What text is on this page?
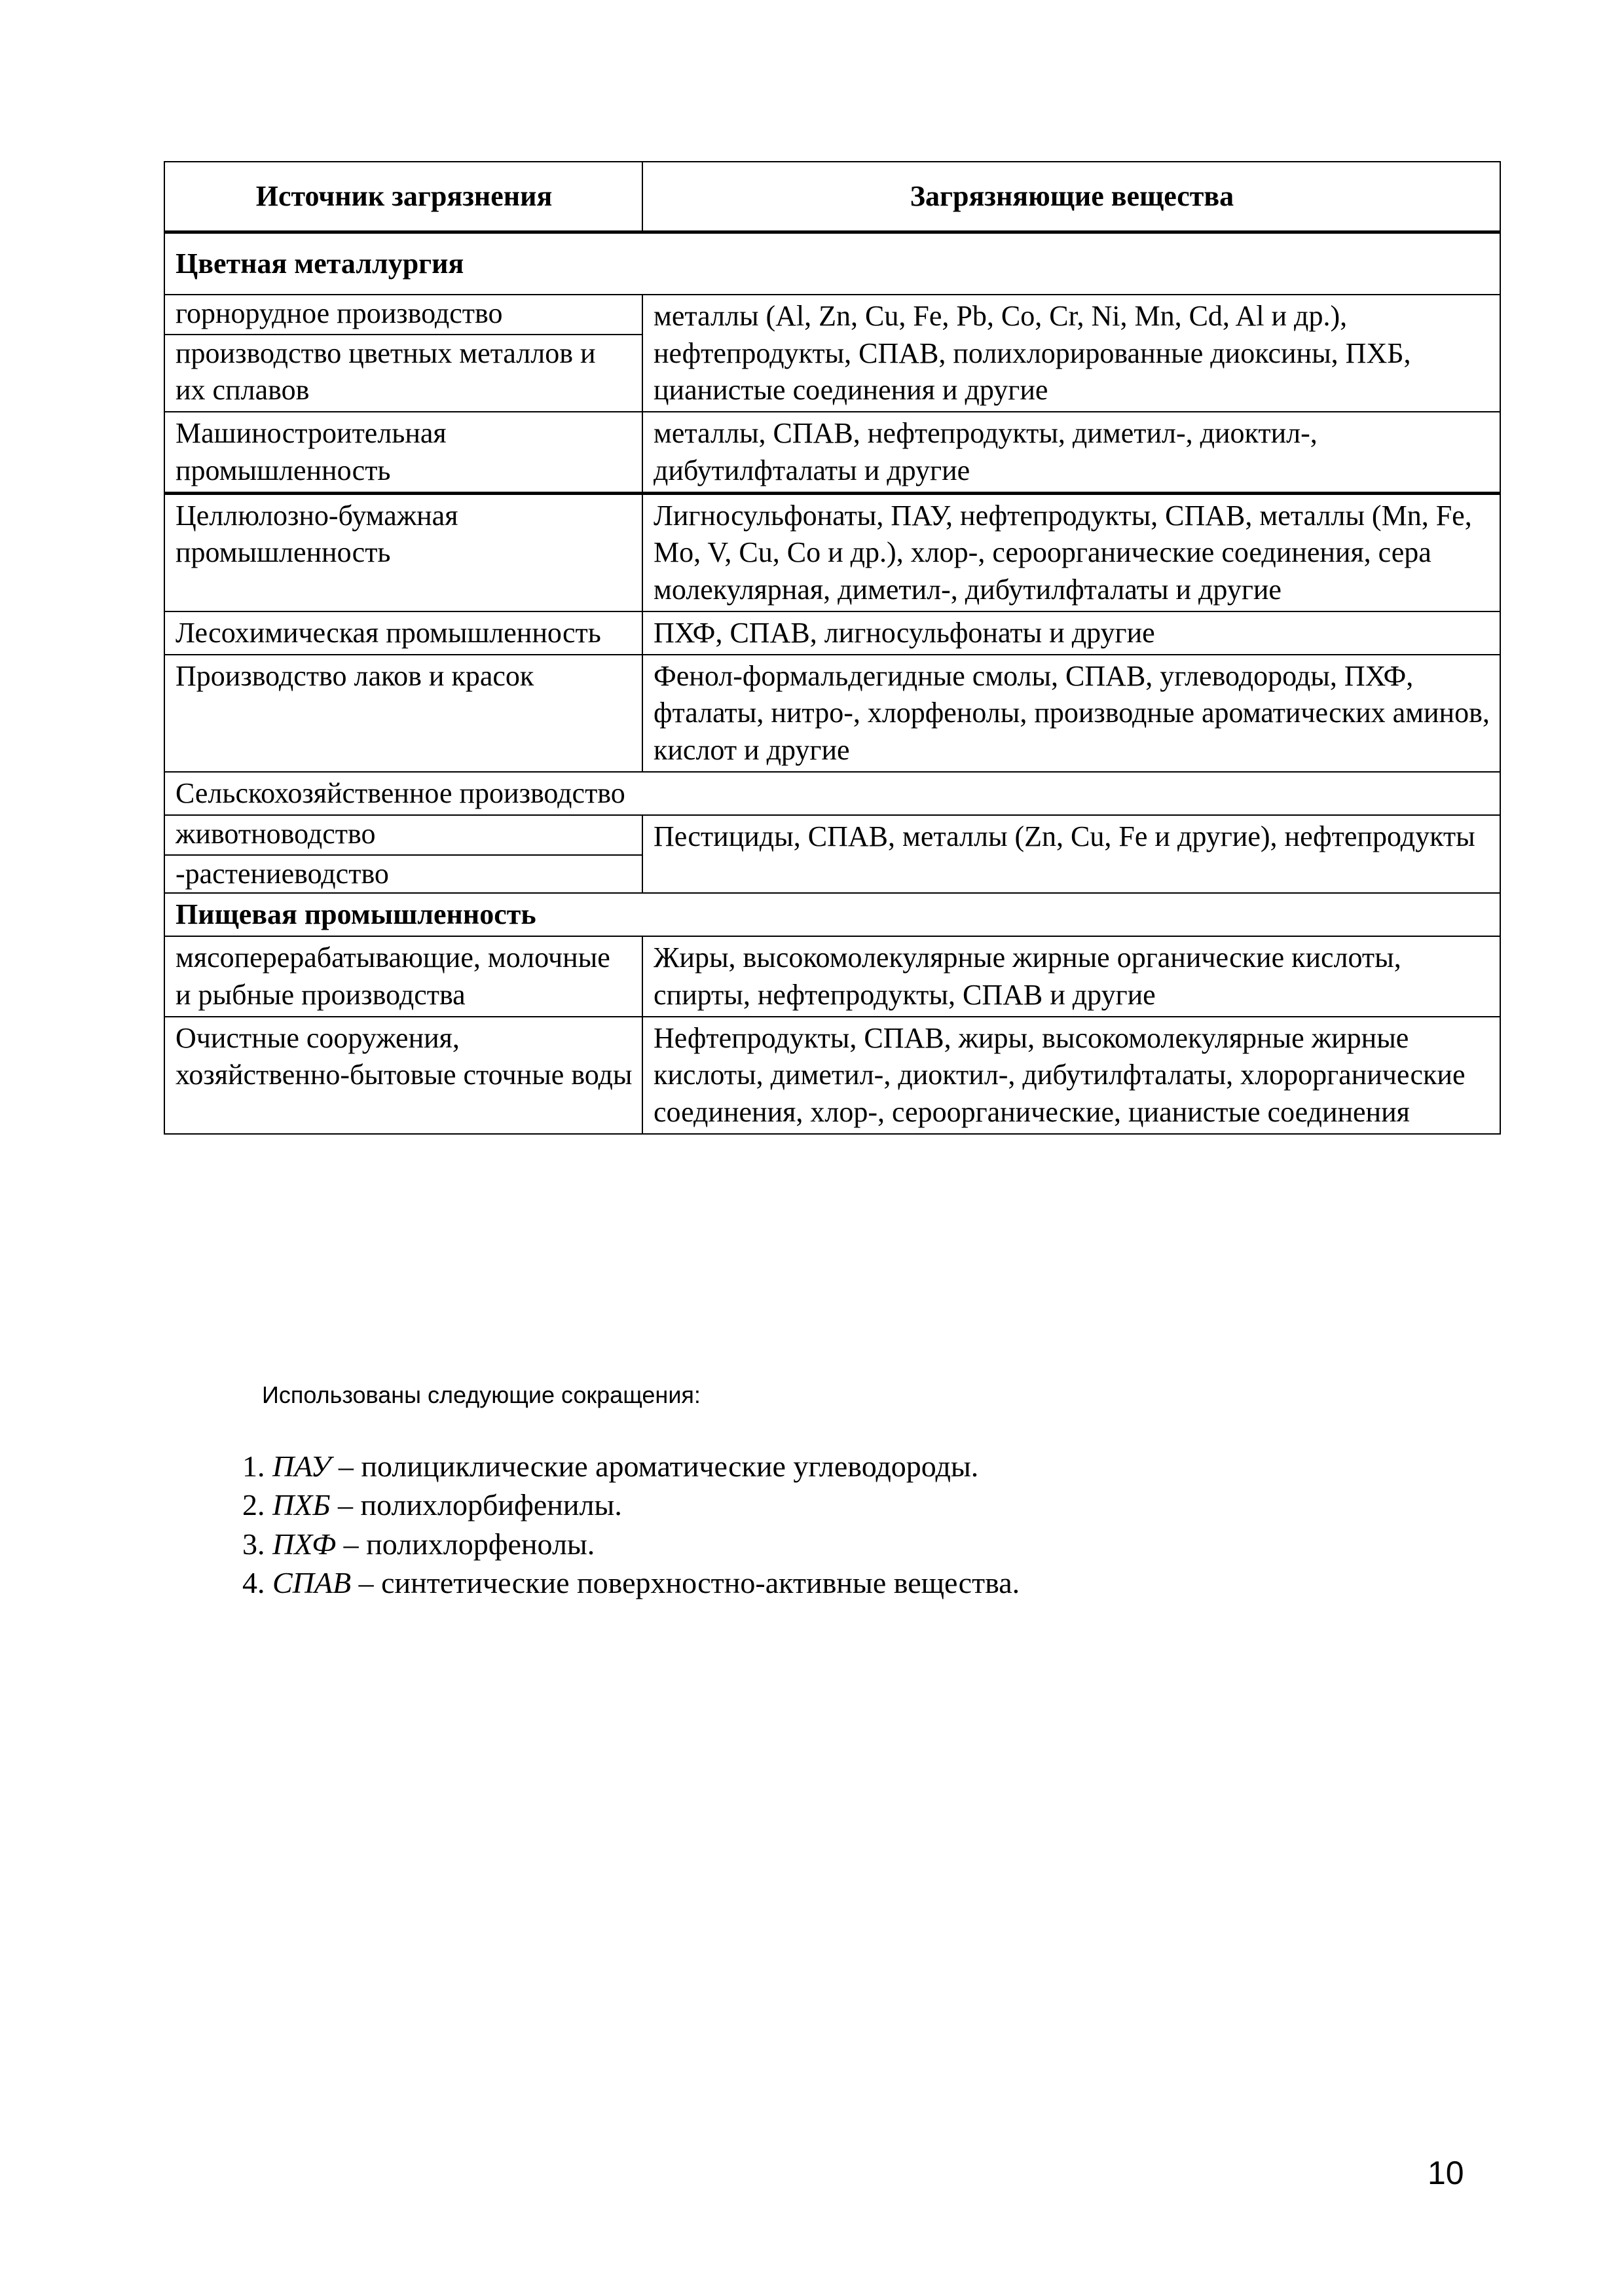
Источник загрязнения	Загрязняющие вещества
Цветная металлургия	

горнорудное производство
производство цветных металлов и их сплавов	металлы (Al, Zn, Cu, Fe, Pb, Co, Cr, Ni, Mn, Cd, Al и др.), нефтепродукты, СПАВ, полихлорированные диоксины, ПХБ, цианистые соединения и другие
Машиностроительная промышленность	металлы, СПАВ, нефтепродукты, диметил-, диоктил-, дибутилфталаты и другие
Целлюлозно-бумажная промышленность	Лигносульфонаты, ПАУ, нефтепродукты, СПАВ, металлы (Mn, Fe, Mo, V, Cu, Co и др.), хлор-, сероорганические соединения, сера молекулярная, диметил-, дибутилфталаты и другие
Лесохимическая промышленность	ПХФ, СПАВ, лигносульфонаты и другие
Производство лаков и красок	Фенол-формальдегидные смолы, СПАВ, углеводороды, ПХФ, фталаты, нитро-, хлорфенолы, производные ароматических аминов, кислот и другие
Сельскохозяйственное производство	

животноводство
-растениеводство	Пестициды, СПАВ, металлы (Zn, Cu, Fe и другие), нефтепродукты
Пищевая промышленность	
мясоперерабатывающие, молочные и рыбные производства	Жиры, высокомолекулярные жирные органические кислоты, спирты, нефтепродукты, СПАВ и другие
Очистные сооружения, хозяйственно-бытовые сточные воды	Нефтепродукты, СПАВ, жиры, высокомолекулярные жирные кислоты, диметил-, диоктил-, дибутилфталаты, хлорорганические соединения, хлор-, сероорганические, цианистые соединения
Использованы следующие сокращения:
1. ПАУ – полициклические ароматические углеводороды.
2. ПХБ – полихлорбифенилы.
3. ПХФ – полихлорфенолы.
4. СПАВ – синтетические поверхностно-активные вещества.
10
